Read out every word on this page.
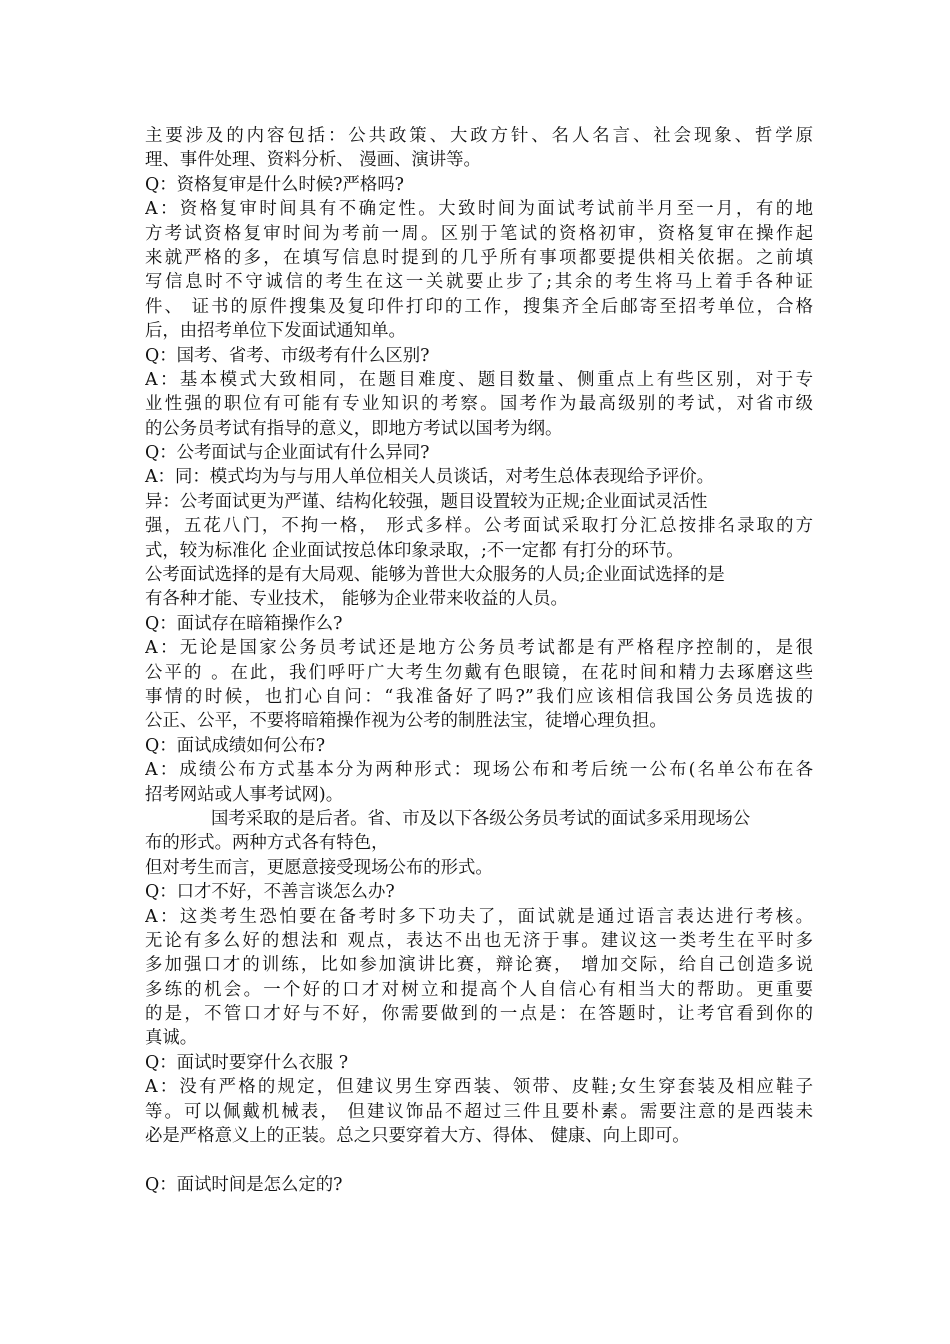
主要涉及的内容包括：公共政策、大政方针、名人名言、社会现象、哲学原
理、事件处理、资料分析、 漫画、演讲等。
Q：资格复审是什么时候?严格吗?
A：资格复审时间具有不确定性。大致时间为面试考试前半月至一月，有的地
方考试资格复审时间为考前一周。区别于笔试的资格初审，资格复审在操作起
来就严格的多，在填写信息时提到的几乎所有事项都要提供相关依据。之前填
写信息时不守诚信的考生在这一关就要止步了;其余的考生将马上着手各种证
件、 证书的原件搜集及复印件打印的工作，搜集齐全后邮寄至招考单位，合格
后，由招考单位下发面试通知单。
Q：国考、省考、市级考有什么区别?
A：基本模式大致相同，在题目难度、题目数量、侧重点上有些区别，对于专
业性强的职位有可能有专业知识的考察。国考作为最高级别的考试，对省市级
的公务员考试有指导的意义，即地方考试以国考为纲。
Q：公考面试与企业面试有什么异同?
A：同：模式均为与与用人单位相关人员谈话，对考生总体表现给予评价。
异：公考面试更为严谨、结构化较强，题目设置较为正规;企业面试灵活性
强，五花八门，不拘一格， 形式多样。公考面试采取打分汇总按排名录取的方
式，较为标准化 企业面试按总体印象录取，;不一定都 有打分的环节。
公考面试选择的是有大局观、能够为普世大众服务的人员;企业面试选择的是
有各种才能、专业技术， 能够为企业带来收益的人员。
Q：面试存在暗箱操作么?
A：无论是国家公务员考试还是地方公务员考试都是有严格程序控制的，是很
公平的 。在此，我们呼吁广大考生勿戴有色眼镜，在花时间和精力去琢磨这些
事情的时候，也扪心自问：“我准备好了吗?”我们应该相信我国公务员选拔的
公正、公平，不要将暗箱操作视为公考的制胜法宝，徒增心理负担。
Q：面试成绩如何公布?
A：成绩公布方式基本分为两种形式：现场公布和考后统一公布(名单公布在各
招考网站或人事考试网)。
国考采取的是后者。省、市及以下各级公务员考试的面试多采用现场公
布的形式。两种方式各有特色，
但对考生而言，更愿意接受现场公布的形式。
Q：口才不好，不善言谈怎么办?
A：这类考生恐怕要在备考时多下功夫了，面试就是通过语言表达进行考核。
无论有多么好的想法和 观点，表达不出也无济于事。建议这一类考生在平时多
多加强口才的训练，比如参加演讲比赛，辩论赛， 增加交际，给自己创造多说
多练的机会。一个好的口才对树立和提高个人自信心有相当大的帮助。更重要
的是，不管口才好与不好，你需要做到的一点是：在答题时，让考官看到你的
真诚。
Q：面试时要穿什么衣服 ?
A：没有严格的规定，但建议男生穿西装、领带、皮鞋;女生穿套装及相应鞋子
等。可以佩戴机械表， 但建议饰品不超过三件且要朴素。需要注意的是西装未
必是严格意义上的正装。总之只要穿着大方、得体、 健康、向上即可。
Q：面试时间是怎么定的?
